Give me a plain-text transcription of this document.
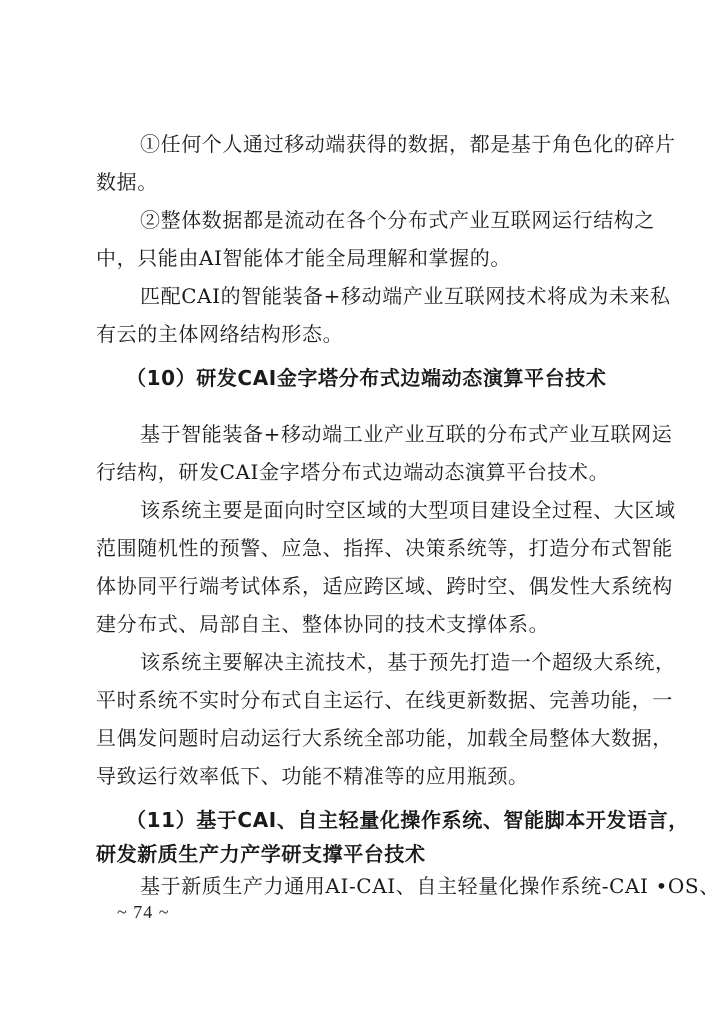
①任何个人通过移动端获得的数据，都是基于角色化的碎片
数据。
②整体数据都是流动在各个分布式产业互联网运行结构之
中，只能由AI智能体才能全局理解和掌握的。
匹配CAI的智能装备+移动端产业互联网技术将成为未来私
有云的主体网络结构形态。
（10）研发CAI金字塔分布式边端动态演算平台技术
基于智能装备+移动端工业产业互联的分布式产业互联网运
行结构，研发CAI金字塔分布式边端动态演算平台技术。
该系统主要是面向时空区域的大型项目建设全过程、大区域
范围随机性的预警、应急、指挥、决策系统等，打造分布式智能
体协同平行端考试体系，适应跨区域、跨时空、偶发性大系统构
建分布式、局部自主、整体协同的技术支撑体系。
该系统主要解决主流技术，基于预先打造一个超级大系统，
平时系统不实时分布式自主运行、在线更新数据、完善功能，一
旦偶发问题时启动运行大系统全部功能，加载全局整体大数据，
导致运行效率低下、功能不精准等的应用瓶颈。
（11）基于CAI、自主轻量化操作系统、智能脚本开发语言，
研发新质生产力产学研支撑平台技术
基于新质生产力通用AI-CAI、自主轻量化操作系统-CAI •OS、
~ 74 ~
